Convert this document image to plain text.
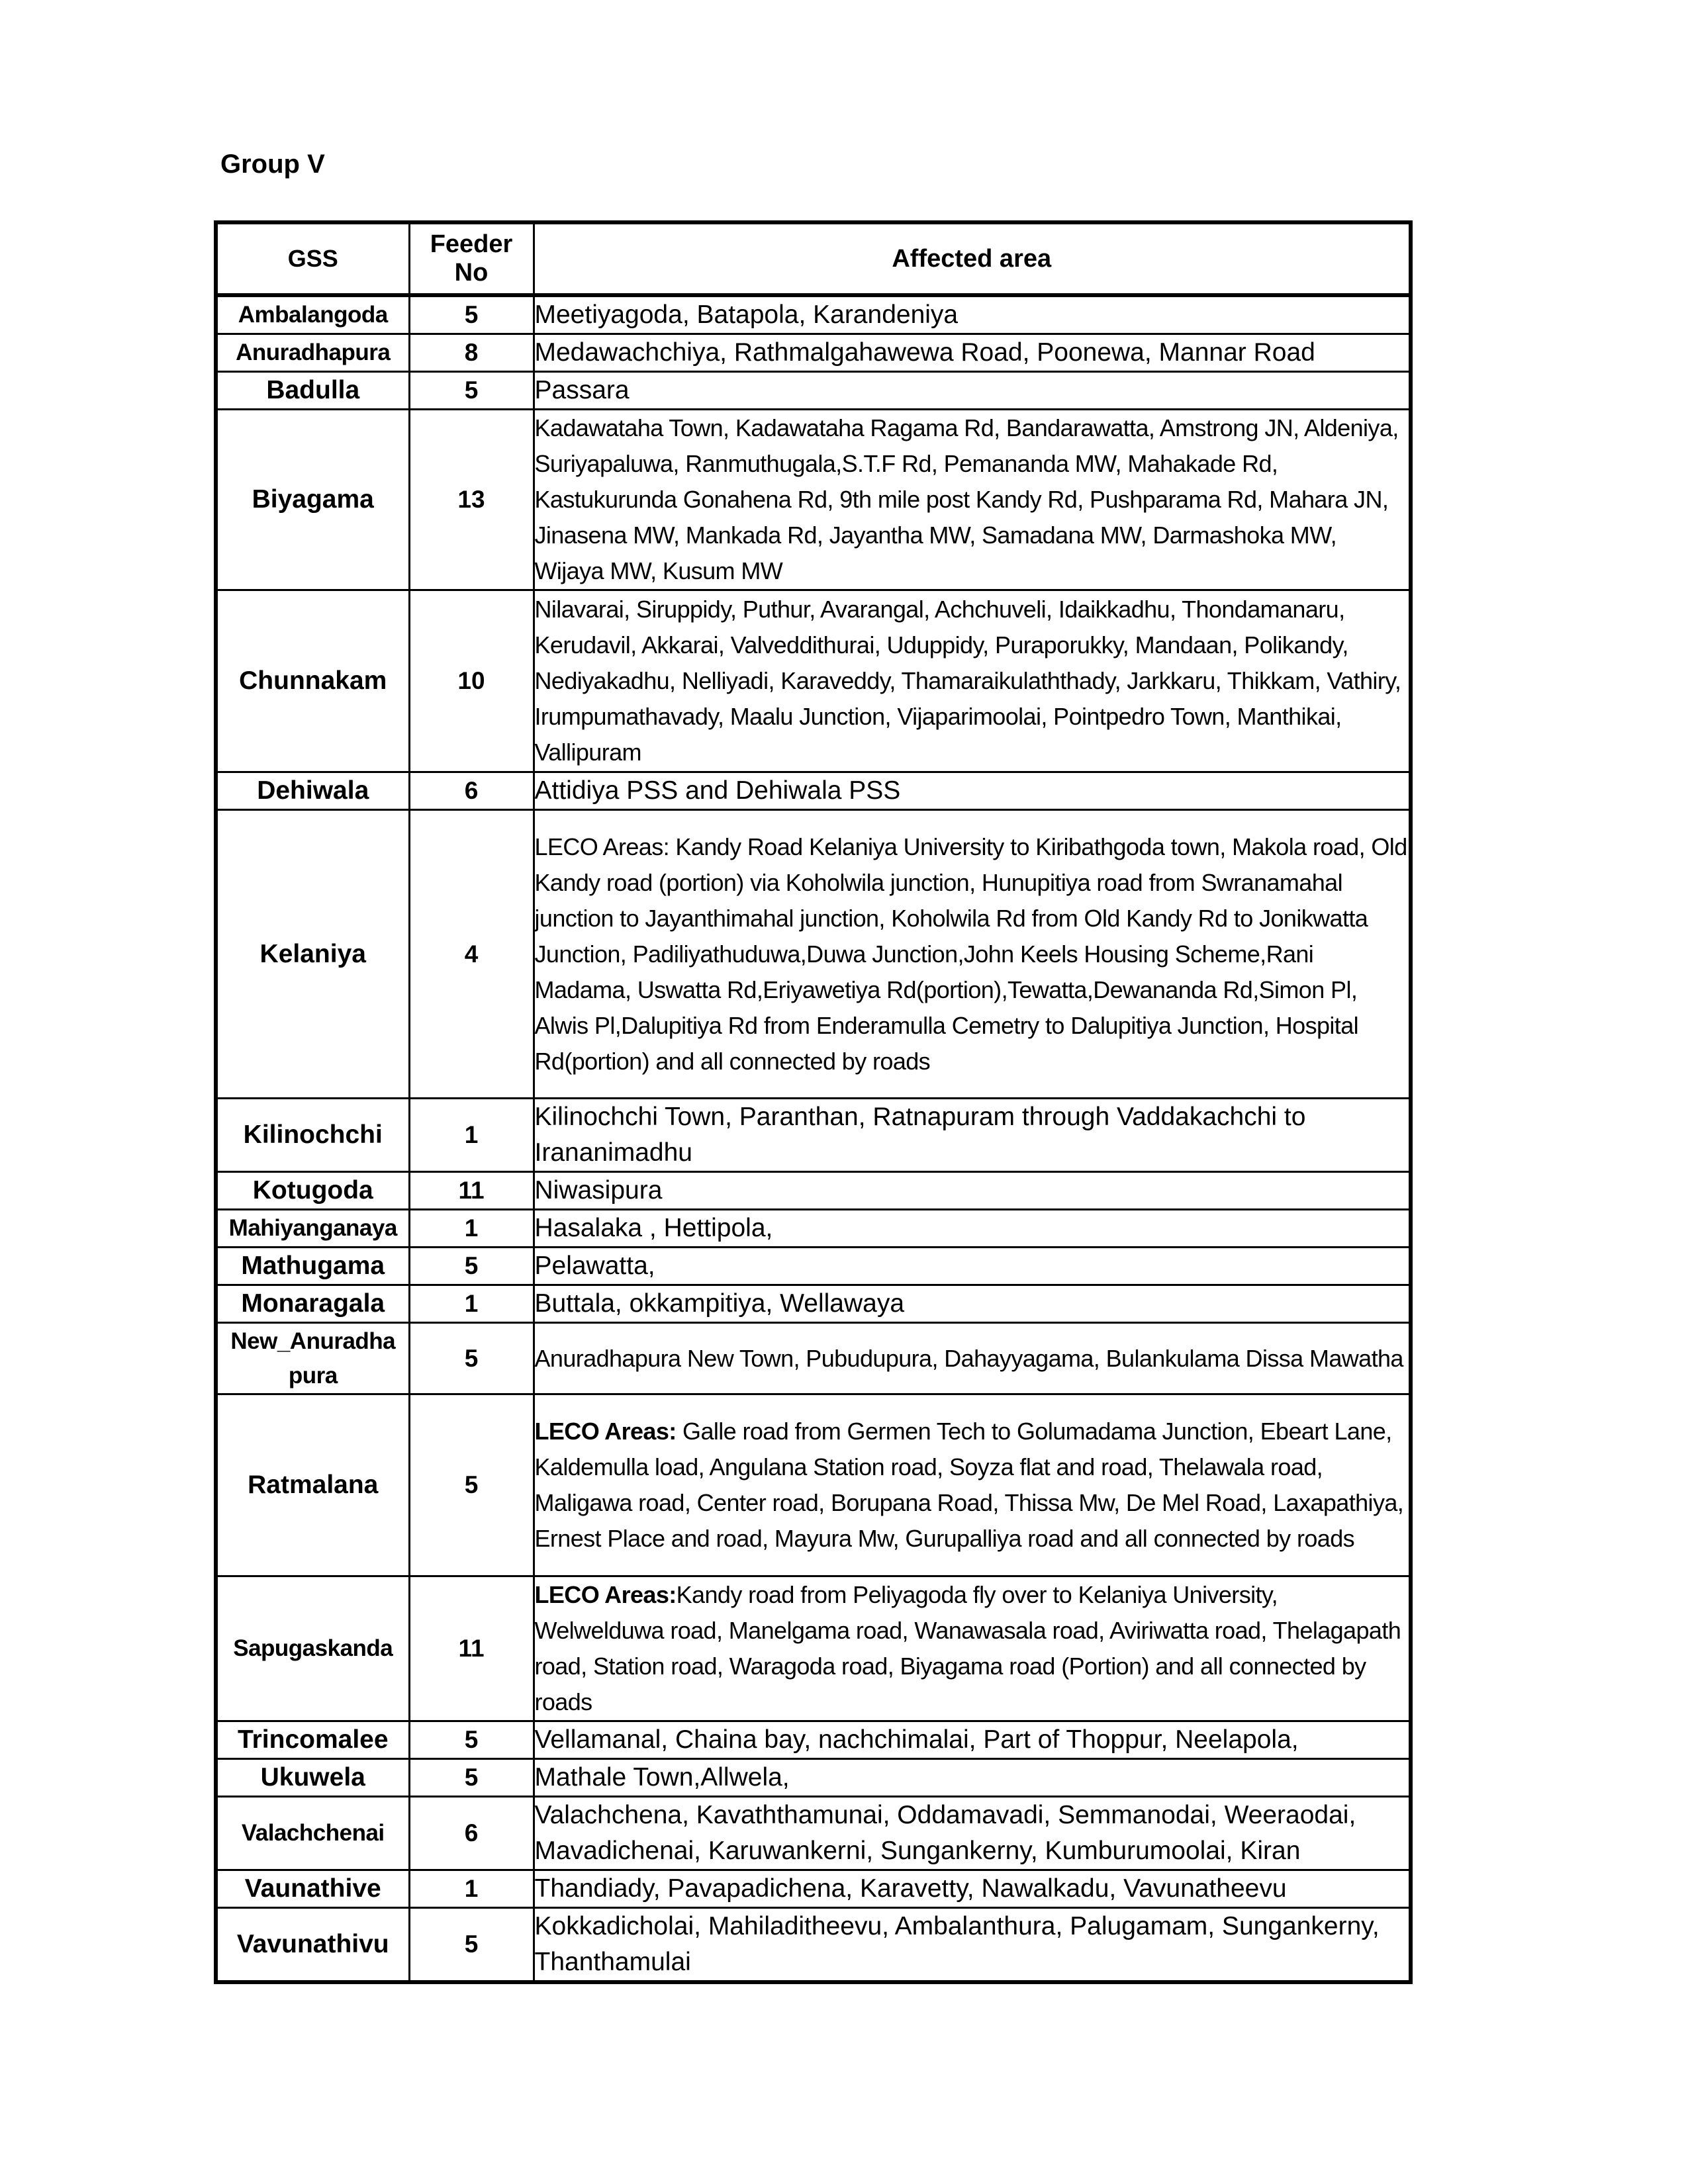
Group V
GSS	Feeder No	Affected area
Ambalangoda	5	Meetiyagoda, Batapola, Karandeniya
Anuradhapura	8	Medawachchiya, Rathmalgahawewa Road, Poonewa, Mannar Road
Badulla	5	Passara
Biyagama	13	Kadawataha Town, Kadawataha Ragama Rd, Bandarawatta, Amstrong JN, Aldeniya, Suriyapaluwa, Ranmuthugala,S.T.F Rd, Pemananda MW, Mahakade Rd, Kastukurunda Gonahena Rd, 9th mile post Kandy Rd, Pushparama Rd, Mahara JN, Jinasena MW, Mankada Rd, Jayantha MW, Samadana MW, Darmashoka MW, Wijaya MW, Kusum MW
Chunnakam	10	Nilavarai, Siruppidy, Puthur, Avarangal, Achchuveli, Idaikkadhu, Thondamanaru, Kerudavil, Akkarai, Valveddithurai, Uduppidy, Puraporukky, Mandaan, Polikandy, Nediyakadhu, Nelliyadi, Karaveddy, Thamaraikulaththady, Jarkkaru, Thikkam, Vathiry, Irumpumathavady, Maalu Junction, Vijaparimoolai, Pointpedro Town, Manthikai, Vallipuram
Dehiwala	6	Attidiya PSS and Dehiwala PSS
Kelaniya	4	LECO Areas: Kandy Road Kelaniya University to Kiribathgoda town, Makola road, Old Kandy road (portion) via Koholwila junction, Hunupitiya road from Swranamahal junction to Jayanthimahal junction, Koholwila Rd from Old Kandy Rd to Jonikwatta Junction, Padiliyathuduwa,Duwa Junction,John Keels Housing Scheme,Rani Madama, Uswatta Rd,Eriyawetiya Rd(portion),Tewatta,Dewananda Rd,Simon Pl, Alwis Pl,Dalupitiya Rd from Enderamulla Cemetry to Dalupitiya Junction, Hospital Rd(portion) and all connected by roads
Kilinochchi	1	Kilinochchi Town, Paranthan, Ratnapuram through Vaddakachchi to Irananimadhu
Kotugoda	11	Niwasipura
Mahiyanganaya	1	Hasalaka , Hettipola,
Mathugama	5	Pelawatta,
Monaragala	1	Buttala, okkampitiya, Wellawaya
New_Anuradha pura	5	Anuradhapura New Town, Pubudupura, Dahayyagama, Bulankulama Dissa Mawatha
Ratmalana	5	LECO Areas: Galle road from Germen Tech to Golumadama Junction, Ebeart Lane, Kaldemulla load, Angulana Station road, Soyza flat and road, Thelawala road, Maligawa road, Center road, Borupana Road, Thissa Mw, De Mel Road, Laxapathiya, Ernest Place and road, Mayura Mw, Gurupalliya road and all connected by roads
Sapugaskanda	11	LECO Areas:Kandy road from Peliyagoda fly over to Kelaniya University, Welwelduwa road, Manelgama road, Wanawasala road, Aviriwatta road, Thelagapath road, Station road, Waragoda road, Biyagama road (Portion) and all connected by roads
Trincomalee	5	Vellamanal, Chaina bay, nachchimalai, Part of Thoppur, Neelapola,
Ukuwela	5	Mathale Town,Allwela,
Valachchenai	6	Valachchena, Kavaththamunai, Oddamavadi, Semmanodai, Weeraodai, Mavadichenai, Karuwankerni, Sungankerny, Kumburumoolai, Kiran
Vaunathive	1	Thandiady, Pavapadichena, Karavetty, Nawalkadu, Vavunatheevu
Vavunathivu	5	Kokkadicholai, Mahiladitheevu, Ambalanthura, Palugamam, Sungankerny, Thanthamulai
